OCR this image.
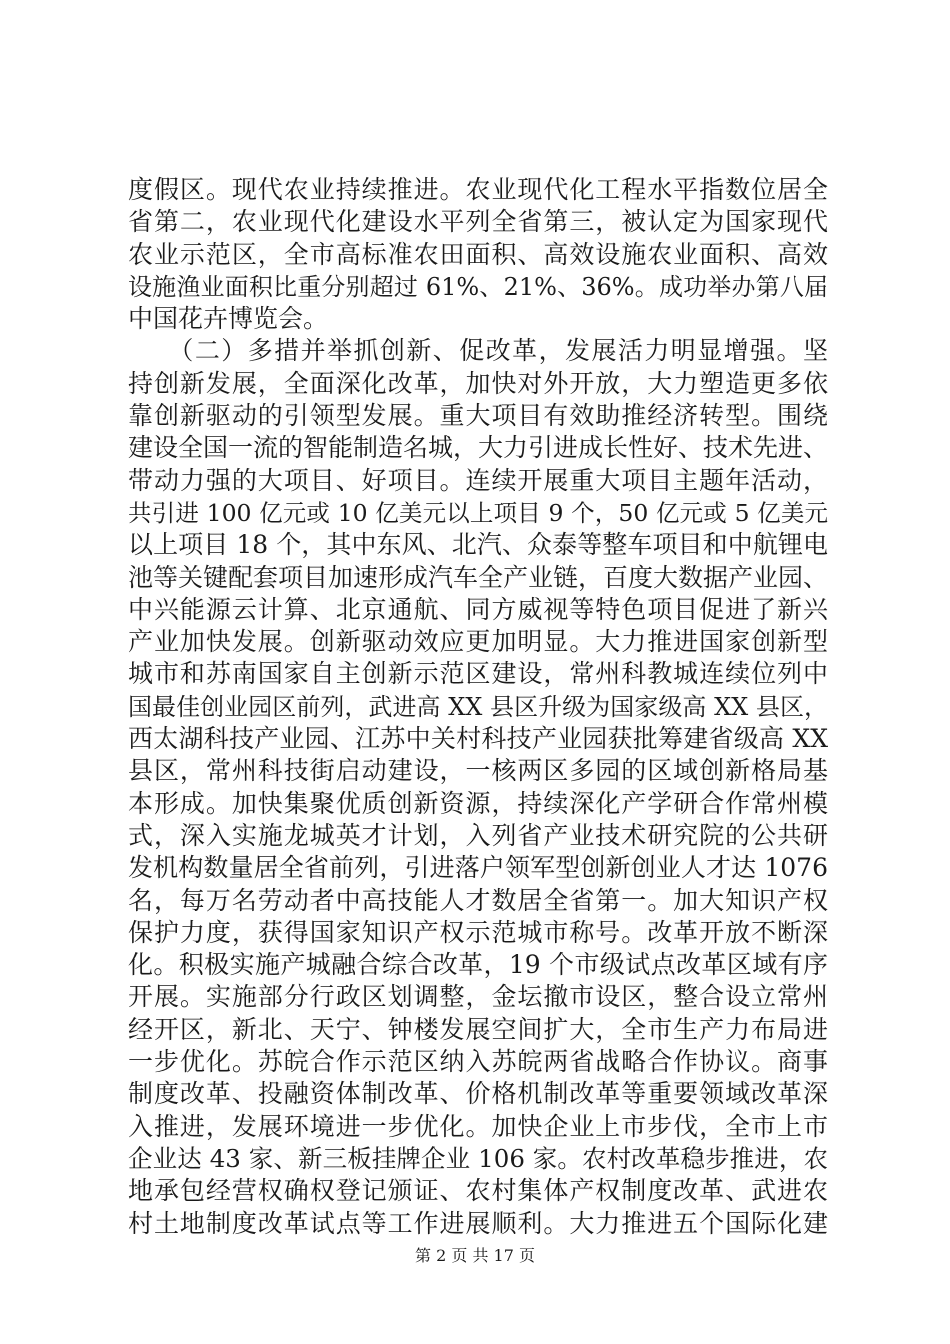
度假区。现代农业持续推进。农业现代化工程水平指数位居全
省第二，农业现代化建设水平列全省第三，被认定为国家现代
农业示范区，全市高标准农田面积、高效设施农业面积、高效
设施渔业面积比重分别超过 61%、21%、36%。成功举办第八届
中国花卉博览会。
　　（二）多措并举抓创新、促改革，发展活力明显增强。坚
持创新发展，全面深化改革，加快对外开放，大力塑造更多依
靠创新驱动的引领型发展。重大项目有效助推经济转型。围绕
建设全国一流的智能制造名城，大力引进成长性好、技术先进、
带动力强的大项目、好项目。连续开展重大项目主题年活动，
共引进 100 亿元或 10 亿美元以上项目 9 个，50 亿元或 5 亿美元
以上项目 18 个，其中东风、北汽、众泰等整车项目和中航锂电
池等关键配套项目加速形成汽车全产业链，百度大数据产业园、
中兴能源云计算、北京通航、同方威视等特色项目促进了新兴
产业加快发展。创新驱动效应更加明显。大力推进国家创新型
城市和苏南国家自主创新示范区建设，常州科教城连续位列中
国最佳创业园区前列，武进高 XX 县区升级为国家级高 XX 县区，
西太湖科技产业园、江苏中关村科技产业园获批筹建省级高 XX
县区，常州科技街启动建设，一核两区多园的区域创新格局基
本形成。加快集聚优质创新资源，持续深化产学研合作常州模
式，深入实施龙城英才计划，入列省产业技术研究院的公共研
发机构数量居全省前列，引进落户领军型创新创业人才达 1076
名，每万名劳动者中高技能人才数居全省第一。加大知识产权
保护力度，获得国家知识产权示范城市称号。改革开放不断深
化。积极实施产城融合综合改革，19 个市级试点改革区域有序
开展。实施部分行政区划调整，金坛撤市设区，整合设立常州
经开区，新北、天宁、钟楼发展空间扩大，全市生产力布局进
一步优化。苏皖合作示范区纳入苏皖两省战略合作协议。商事
制度改革、投融资体制改革、价格机制改革等重要领域改革深
入推进，发展环境进一步优化。加快企业上市步伐，全市上市
企业达 43 家、新三板挂牌企业 106 家。农村改革稳步推进，农
地承包经营权确权登记颁证、农村集体产权制度改革、武进农
村土地制度改革试点等工作进展顺利。大力推进五个国际化建
第 2 页 共 17 页
